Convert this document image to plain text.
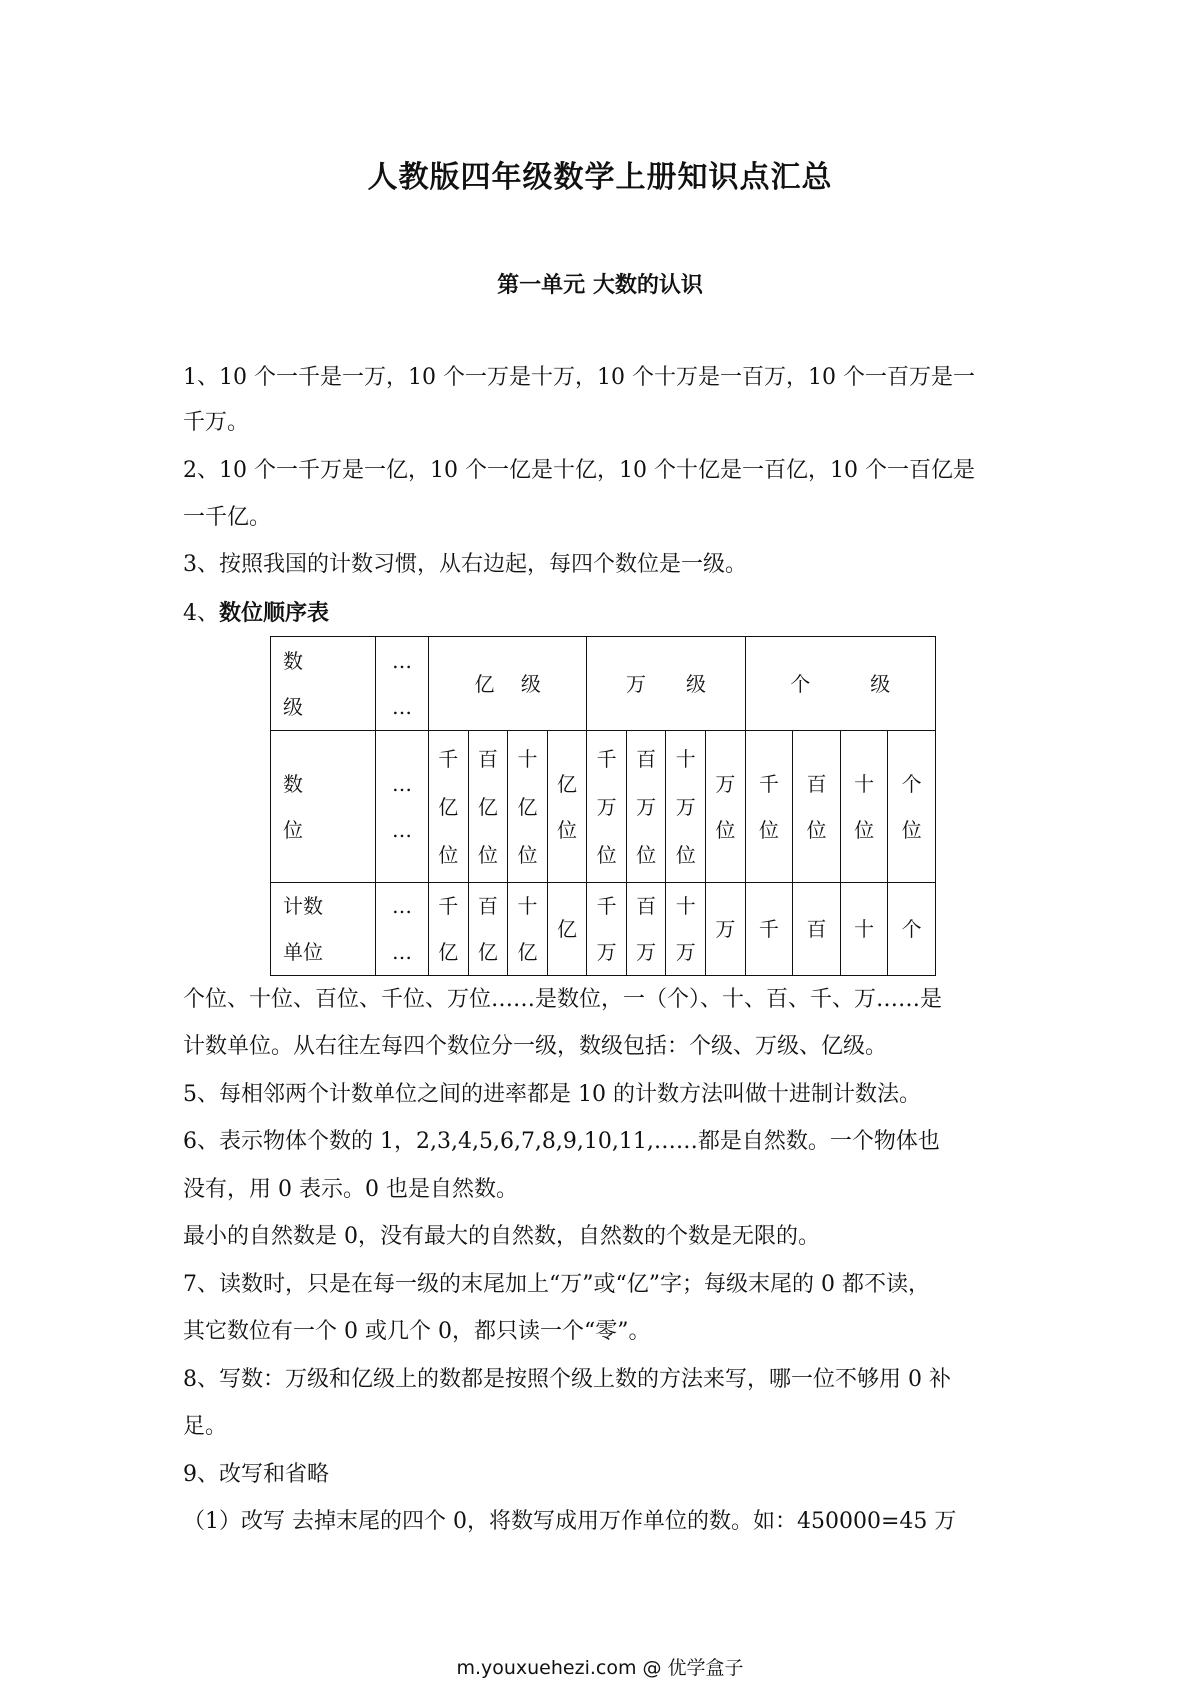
人教版四年级数学上册知识点汇总
第一单元 大数的认识
1、10 个一千是一万，10 个一万是十万，10 个十万是一百万，10 个一百万是一
千万。
2、10 个一千万是一亿，10 个一亿是十亿，10 个十亿是一百亿，10 个一百亿是
一千亿。
3、按照我国的计数习惯，从右边起，每四个数位是一级。
4、数位顺序表
数
级	…
…	亿　 级				万　　级				个　　　级			

数
位	…
…	千
亿
位	百
亿
位	十
亿
位	亿
位	千
万
位	百
万
位	十
万
位	万
位	千
位	百
位	十
位	个
位

计数
单位	…
…	千
亿	百
亿	十
亿	亿	千
万	百
万	十
万	万	千	百	十	个
个位、十位、百位、千位、万位……是数位，一（个）、十、百、千、万……是
计数单位。从右往左每四个数位分一级，数级包括：个级、万级、亿级。
5、每相邻两个计数单位之间的进率都是 10 的计数方法叫做十进制计数法。
6、表示物体个数的 1，2,3,4,5,6,7,8,9,10,11,……都是自然数。一个物体也
没有，用 0 表示。0 也是自然数。
最小的自然数是 0，没有最大的自然数，自然数的个数是无限的。
7、读数时，只是在每一级的末尾加上“万”或“亿”字；每级末尾的 0 都不读，
其它数位有一个 0 或几个 0，都只读一个“零”。
8、写数：万级和亿级上的数都是按照个级上数的方法来写，哪一位不够用 0 补
足。
9、改写和省略
（1）改写 去掉末尾的四个 0，将数写成用万作单位的数。如：450000=45 万
m.youxuehezi.com @ 优学盒子
